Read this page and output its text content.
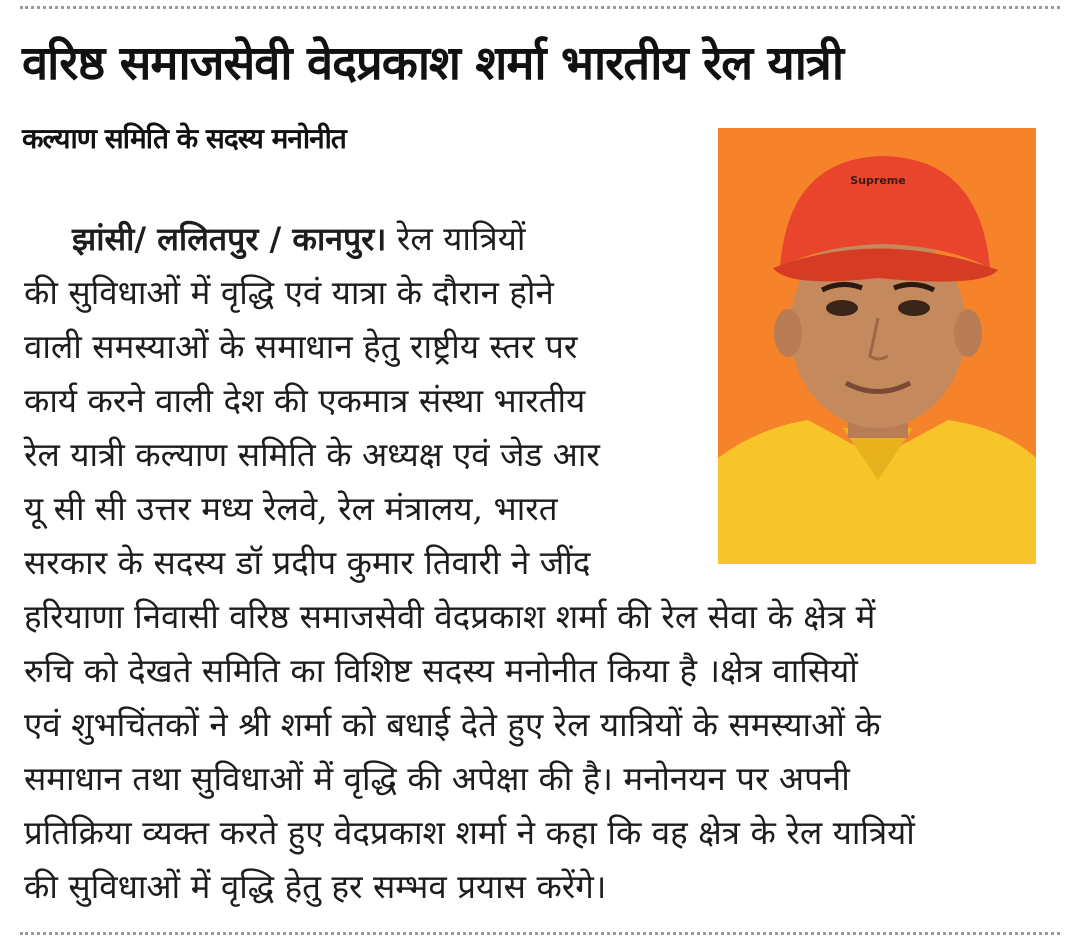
वरिष्ठ समाजसेवी वेदप्रकाश शर्मा भारतीय रेल यात्री
कल्याण समिति के सदस्य मनोनीत
Supreme
झांसी/ ललितपुर / कानपुर। रेल यात्रियों
की सुविधाओं में वृद्धि एवं यात्रा के दौरान होने
वाली समस्याओं के समाधान हेतु राष्ट्रीय स्तर पर
कार्य करने वाली देश की एकमात्र संस्था भारतीय
रेल यात्री कल्याण समिति के अध्यक्ष एवं जेड आर
यू सी सी उत्तर मध्य रेलवे, रेल मंत्रालय, भारत
सरकार के सदस्य डॉ प्रदीप कुमार तिवारी ने जींद
हरियाणा निवासी वरिष्ठ समाजसेवी वेदप्रकाश शर्मा की रेल सेवा के क्षेत्र में
रुचि को देखते समिति का विशिष्ट सदस्य मनोनीत किया है ।क्षेत्र वासियों
एवं शुभचिंतकों ने श्री शर्मा को बधाई देते हुए रेल यात्रियों के समस्याओं के
समाधान तथा सुविधाओं में वृद्धि की अपेक्षा की है। मनोनयन पर अपनी
प्रतिक्रिया व्यक्त करते हुए वेदप्रकाश शर्मा ने कहा कि वह क्षेत्र के रेल यात्रियों
की सुविधाओं में वृद्धि हेतु हर सम्भव प्रयास करेंगे।
